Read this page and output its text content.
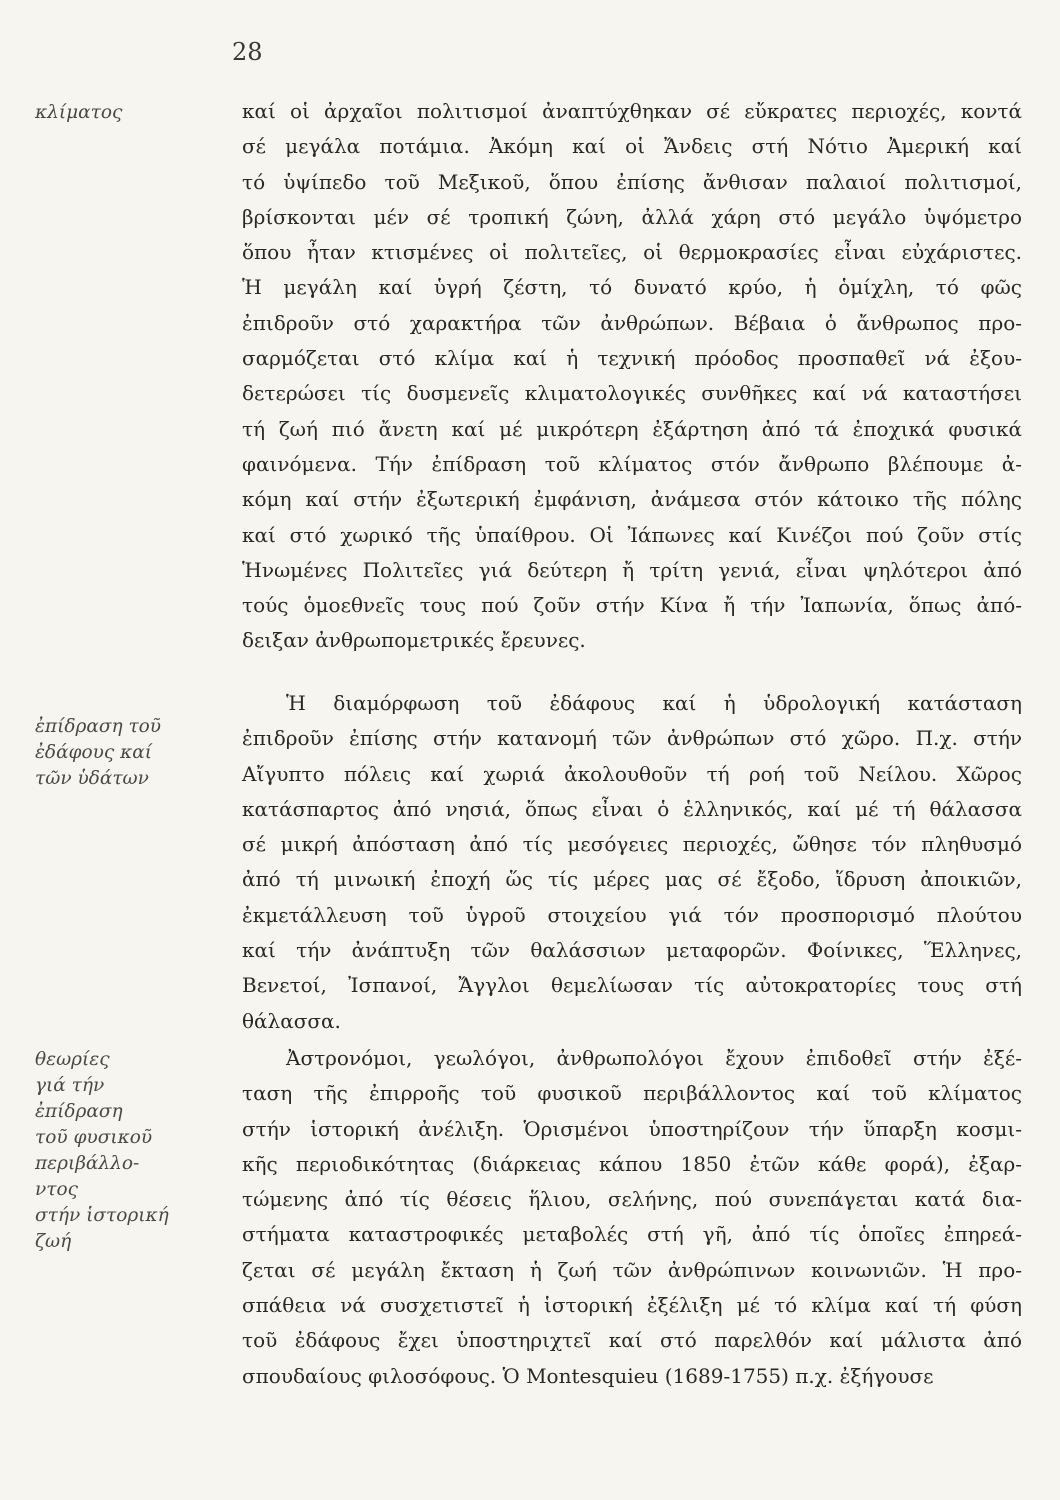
28
κλίματος
ἐπίδραση τοῦ
ἐδάφους καί
τῶν ὑδάτων
θεωρίες
γιά τήν
ἐπίδραση
τοῦ φυσικοῦ
περιβάλλο-
ντος
στήν ἱστορική
ζωή
καί οἱ ἀρχαῖοι πολιτισμοί ἀναπτύχθηκαν σέ εὔκρατες περιοχές, κοντά
σέ μεγάλα ποτάμια. Ἀκόμη καί οἱ Ἄνδεις στή Νότιο Ἀμερική καί
τό ὑψίπεδο τοῦ Μεξικοῦ, ὅπου ἐπίσης ἄνθισαν παλαιοί πολιτισμοί,
βρίσκονται μέν σέ τροπική ζώνη, ἀλλά χάρη στό μεγάλο ὑψόμετρο
ὅπου ἦταν κτισμένες οἱ πολιτεῖες, οἱ θερμοκρασίες εἶναι εὐχάριστες.
Ἡ μεγάλη καί ὑγρή ζέστη, τό δυνατό κρύο, ἡ ὁμίχλη, τό φῶς
ἐπιδροῦν στό χαρακτήρα τῶν ἀνθρώπων. Βέβαια ὁ ἄνθρωπος προ-
σαρμόζεται στό κλίμα καί ἡ τεχνική πρόοδος προσπαθεῖ νά ἐξου-
δετερώσει τίς δυσμενεῖς κλιματολογικές συνθῆκες καί νά καταστήσει
τή ζωή πιό ἄνετη καί μέ μικρότερη ἐξάρτηση ἀπό τά ἐποχικά φυσικά
φαινόμενα. Τήν ἐπίδραση τοῦ κλίματος στόν ἄνθρωπο βλέπουμε ἀ-
κόμη καί στήν ἐξωτερική ἐμφάνιση, ἀνάμεσα στόν κάτοικο τῆς πόλης
καί στό χωρικό τῆς ὑπαίθρου. Οἱ Ἰάπωνες καί Κινέζοι πού ζοῦν στίς
Ἡνωμένες Πολιτεῖες γιά δεύτερη ἤ τρίτη γενιά, εἶναι ψηλότεροι ἀπό
τούς ὁμοεθνεῖς τους πού ζοῦν στήν Κίνα ἤ τήν Ἰαπωνία, ὅπως ἀπό-
δειξαν ἀνθρωπομετρικές ἔρευνες.
Ἡ διαμόρφωση τοῦ ἐδάφους καί ἡ ὑδρολογική κατάσταση
ἐπιδροῦν ἐπίσης στήν κατανομή τῶν ἀνθρώπων στό χῶρο. Π.χ. στήν
Αἴγυπτο πόλεις καί χωριά ἀκολουθοῦν τή ροή τοῦ Νείλου. Χῶρος
κατάσπαρτος ἀπό νησιά, ὅπως εἶναι ὁ ἑλληνικός, καί μέ τή θάλασσα
σέ μικρή ἀπόσταση ἀπό τίς μεσόγειες περιοχές, ὤθησε τόν πληθυσμό
ἀπό τή μινωική ἐποχή ὥς τίς μέρες μας σέ ἔξοδο, ἵδρυση ἀποικιῶν,
ἐκμετάλλευση τοῦ ὑγροῦ στοιχείου γιά τόν προσπορισμό πλούτου
καί τήν ἀνάπτυξη τῶν θαλάσσιων μεταφορῶν. Φοίνικες, Ἕλληνες,
Βενετοί, Ἰσπανοί, Ἄγγλοι θεμελίωσαν τίς αὐτοκρατορίες τους στή
θάλασσα.
Ἀστρονόμοι, γεωλόγοι, ἀνθρωπολόγοι ἔχουν ἐπιδοθεῖ στήν ἐξέ-
ταση τῆς ἐπιρροῆς τοῦ φυσικοῦ περιβάλλοντος καί τοῦ κλίματος
στήν ἱστορική ἀνέλιξη. Ὁρισμένοι ὑποστηρίζουν τήν ὕπαρξη κοσμι-
κῆς περιοδικότητας (διάρκειας κάπου 1850 ἐτῶν κάθε φορά), ἐξαρ-
τώμενης ἀπό τίς θέσεις ἥλιου, σελήνης, πού συνεπάγεται κατά δια-
στήματα καταστροφικές μεταβολές στή γῆ, ἀπό τίς ὁποῖες ἐπηρεά-
ζεται σέ μεγάλη ἔκταση ἡ ζωή τῶν ἀνθρώπινων κοινωνιῶν. Ἡ προ-
σπάθεια νά συσχετιστεῖ ἡ ἱστορική ἐξέλιξη μέ τό κλίμα καί τή φύση
τοῦ ἐδάφους ἔχει ὑποστηριχτεῖ καί στό παρελθόν καί μάλιστα ἀπό
σπουδαίους φιλοσόφους. Ὁ Montesquieu (1689-1755) π.χ. ἐξήγουσε
